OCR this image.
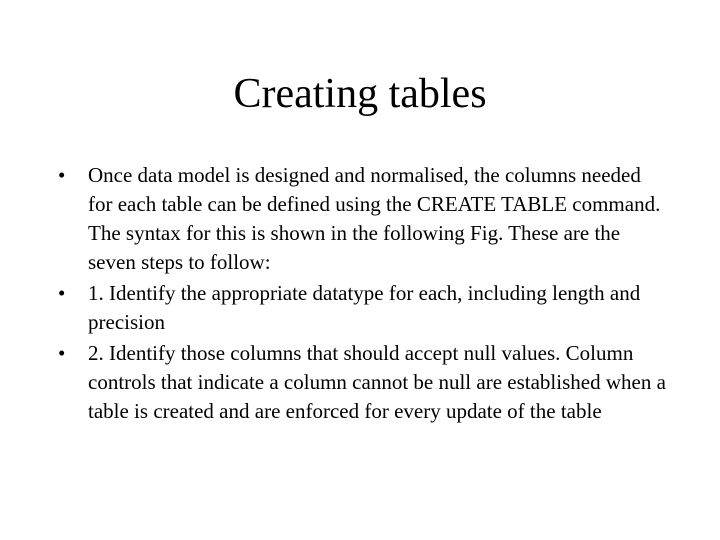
Creating tables
•	Once data model is designed and normalised, the columns needed for each table can be defined using the CREATE TABLE command. The syntax for this is shown in the following Fig. These are the seven steps to follow:
•	1. Identify the appropriate datatype for each, including length and precision
•	2. Identify those columns that should accept null values. Column controls that indicate a column cannot be null are established when a table is created and are enforced for every update of the table
